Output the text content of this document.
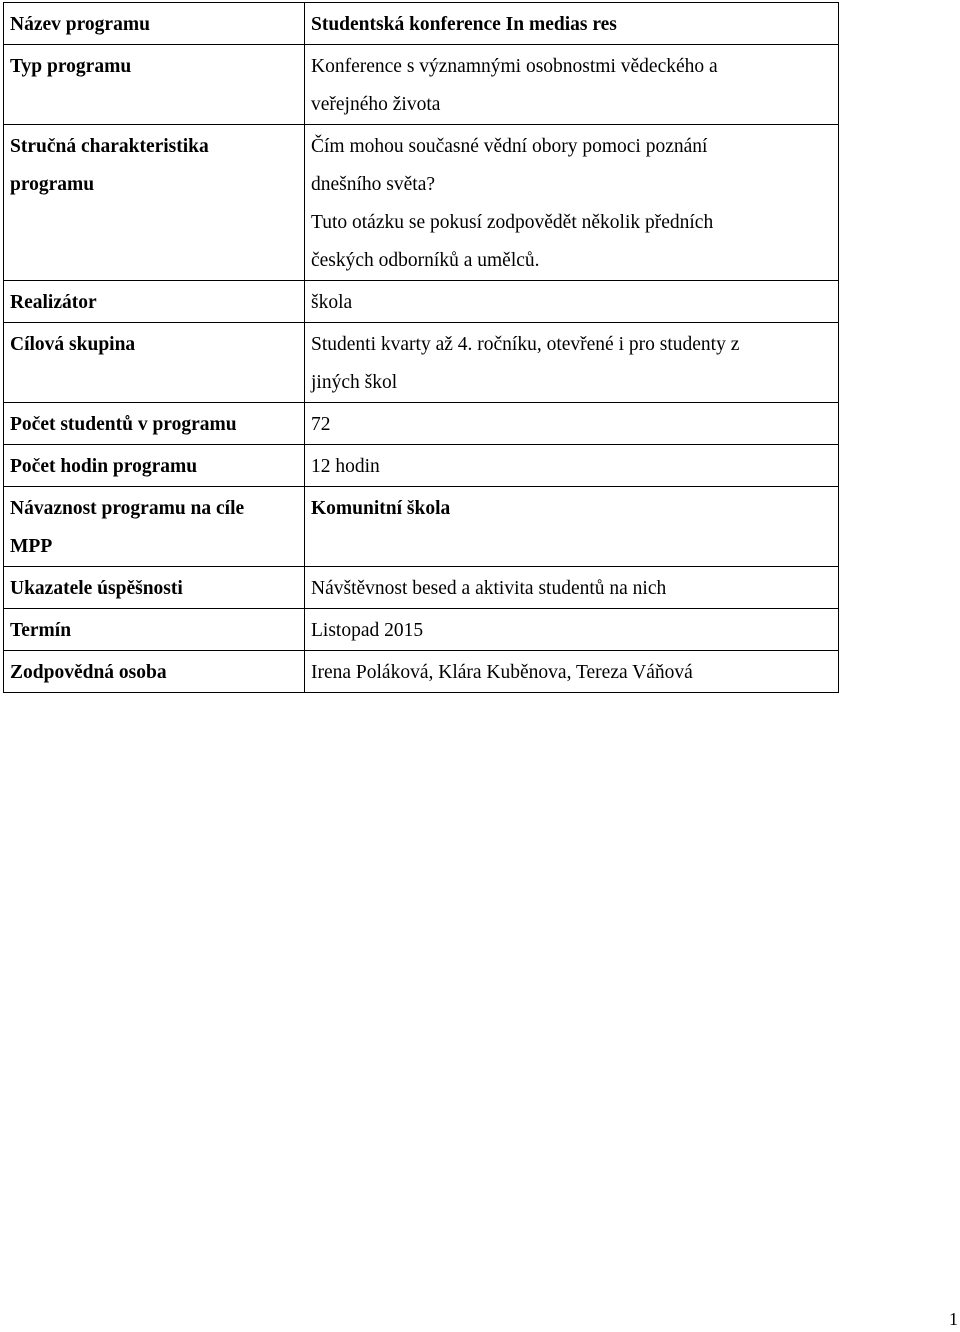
Název programu	Studentská konference In medias res

Typ programu	Konference s významnými osobnostmi vědeckého a
veřejného života

Stručná charakteristika
programu	Čím mohou současné vědní obory pomoci poznání
dnešního světa?
Tuto otázku se pokusí zodpovědět několik předních
českých odborníků a umělců.

Realizátor	škola

Cílová skupina	Studenti kvarty až 4. ročníku, otevřené i pro studenty z
jiných škol

Počet studentů v programu	72

Počet hodin programu	12 hodin

Návaznost programu na cíle
MPP	Komunitní škola

Ukazatele úspěšnosti	Návštěvnost besed a aktivita studentů na nich

Termín	Listopad 2015

Zodpovědná osoba	Irena Poláková, Klára Kuběnova, Tereza Váňová
1
